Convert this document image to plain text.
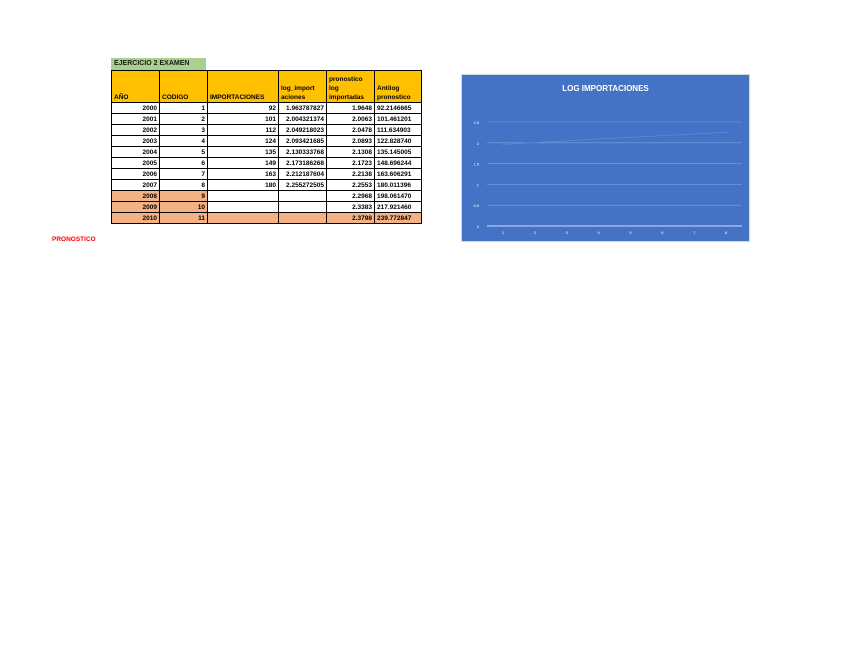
EJERCICIO 2 EXAMEN
AÑO	CODIGO	IMPORTACIONES	log_import aciones	pronostico log importadas	Antilog pronostico
2000	1	92	1.963787827	1.9648	92.2146665
2001	2	101	2.004321374	2.0063	101.461201
2002	3	112	2.049218023	2.0478	111.634903
2003	4	124	2.093421685	2.0893	122.828740
2004	5	135	2.130333768	2.1308	135.145005
2005	6	149	2.173186268	2.1723	148.696244
2006	7	163	2.212187604	2.2138	163.606291
2007	8	180	2.255272505	2.2553	180.011396
2008	9			2.2968	198.061470
2009	10			2.3383	217.921460
2010	11			2.3798	239.772847
PRONOSTICO
LOG IMPORTACIONES
0
0.5
1
1.5
2
2.5
1	2	3	4	5	6	7	8
